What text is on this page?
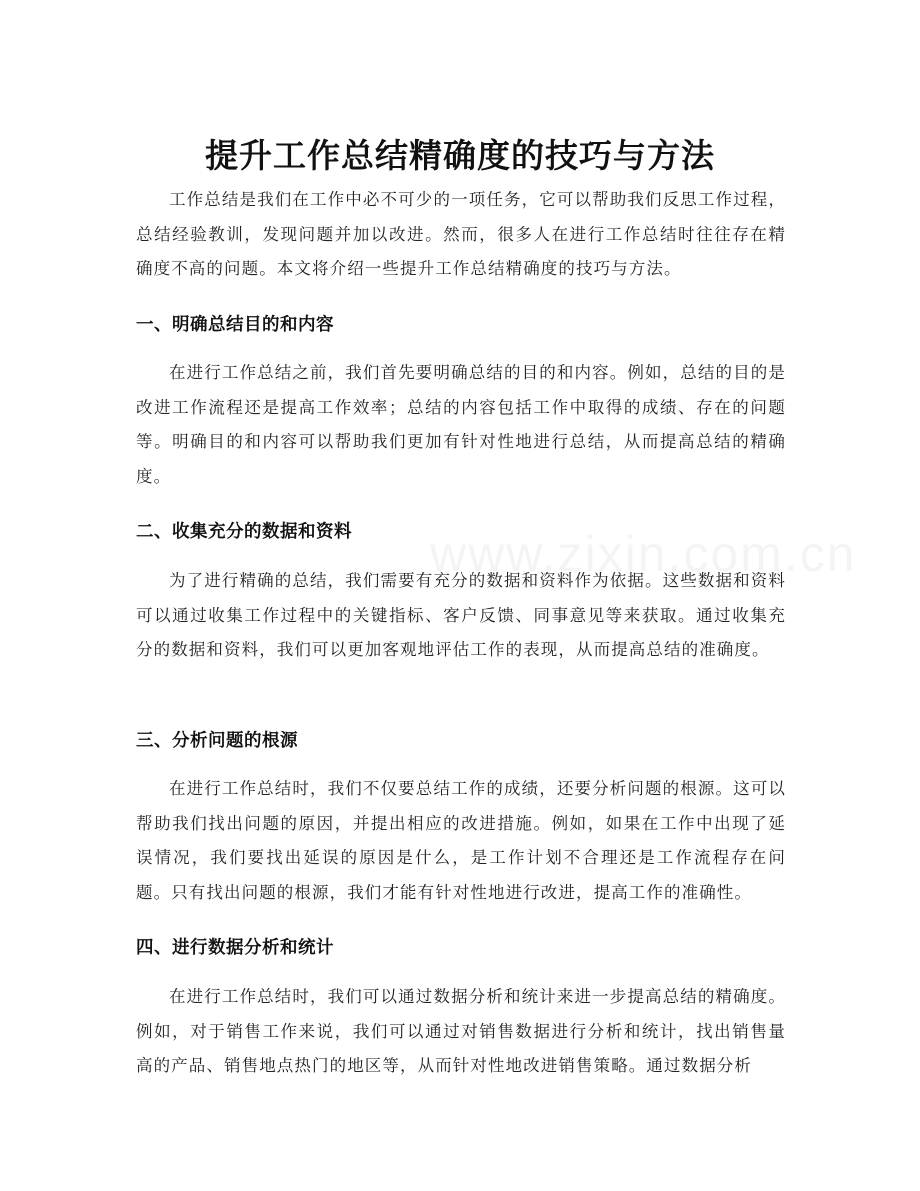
提升工作总结精确度的技巧与方法

工作总结是我们在工作中必不可少的一项任务，它可以帮助我们反思工作过程，总结经验教训，发现问题并加以改进。然而，很多人在进行工作总结时往往存在精确度不高的问题。本文将介绍一些提升工作总结精确度的技巧与方法。

一、明确总结目的和内容

在进行工作总结之前，我们首先要明确总结的目的和内容。例如，总结的目的是改进工作流程还是提高工作效率；总结的内容包括工作中取得的成绩、存在的问题等。明确目的和内容可以帮助我们更加有针对性地进行总结，从而提高总结的精确度。

二、收集充分的数据和资料

为了进行精确的总结，我们需要有充分的数据和资料作为依据。这些数据和资料可以通过收集工作过程中的关键指标、客户反馈、同事意见等来获取。通过收集充分的数据和资料，我们可以更加客观地评估工作的表现，从而提高总结的准确度。

三、分析问题的根源

在进行工作总结时，我们不仅要总结工作的成绩，还要分析问题的根源。这可以帮助我们找出问题的原因，并提出相应的改进措施。例如，如果在工作中出现了延误情况，我们要找出延误的原因是什么，是工作计划不合理还是工作流程存在问题。只有找出问题的根源，我们才能有针对性地进行改进，提高工作的准确性。

四、进行数据分析和统计

在进行工作总结时，我们可以通过数据分析和统计来进一步提高总结的精确度。例如，对于销售工作来说，我们可以通过对销售数据进行分析和统计，找出销售量高的产品、销售地点热门的地区等，从而针对性地改进销售策略。通过数据分析
